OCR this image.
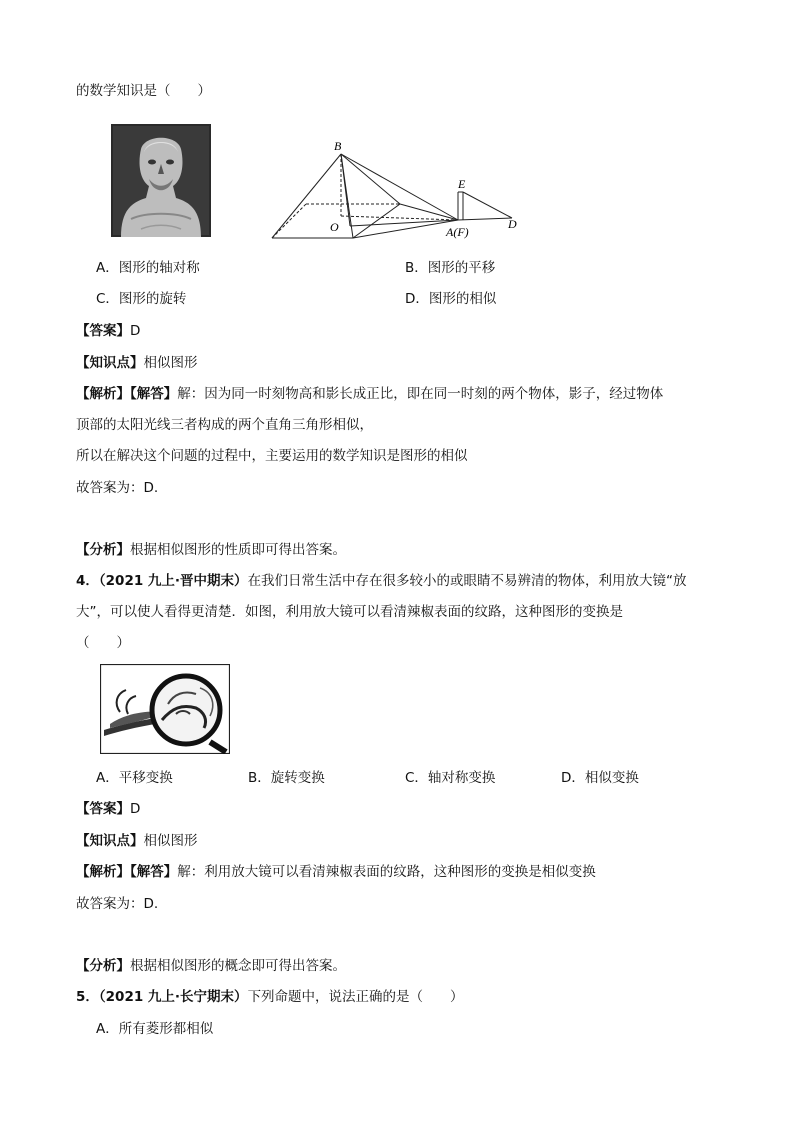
的数学知识是（　　）
B
E
O	A(F)
D
A．图形的轴对称	B．图形的平移
C．图形的旋转	D．图形的相似
【答案】D
【知识点】相似图形
【解析】【解答】解：因为同一时刻物高和影长成正比，即在同一时刻的两个物体，影子，经过物体
顶部的太阳光线三者构成的两个直角三角形相似，
所以在解决这个问题的过程中，主要运用的数学知识是图形的相似
故答案为：D.
【分析】根据相似图形的性质即可得出答案。
4．（2021 九上·晋中期末）在我们日常生活中存在很多较小的或眼睛不易辨清的物体，利用放大镜“放
大”，可以使人看得更清楚．如图，利用放大镜可以看清辣椒表面的纹路，这种图形的变换是
（　　）
A．平移变换	B．旋转变换	C．轴对称变换	D．相似变换
【答案】D
【知识点】相似图形
【解析】【解答】解：利用放大镜可以看清辣椒表面的纹路，这种图形的变换是相似变换
故答案为：D.
【分析】根据相似图形的概念即可得出答案。
5．（2021 九上·长宁期末）下列命题中，说法正确的是（　　）
A．所有菱形都相似
